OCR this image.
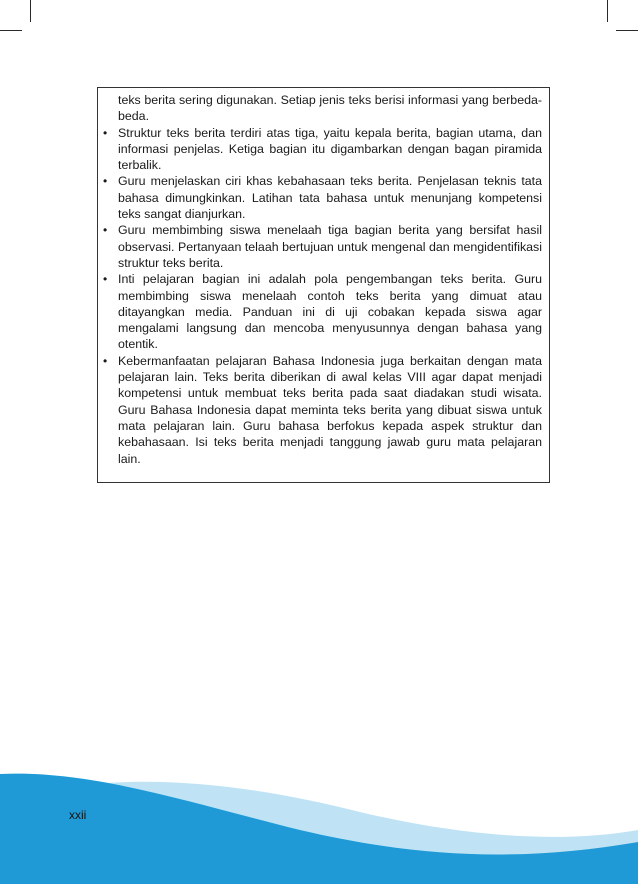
teks berita sering digunakan. Setiap jenis teks berisi informasi yang berbeda-beda.
• Struktur teks berita terdiri atas tiga, yaitu kepala berita, bagian utama, dan informasi penjelas. Ketiga bagian itu digambarkan dengan bagan piramida terbalik.
• Guru menjelaskan ciri khas kebahasaan teks berita. Penjelasan teknis tata bahasa dimungkinkan. Latihan tata bahasa untuk menunjang kompetensi teks sangat dianjurkan.
• Guru membimbing siswa menelaah tiga bagian berita yang bersifat hasil observasi. Pertanyaan telaah bertujuan untuk mengenal dan mengidentifikasi struktur teks berita.
• Inti pelajaran bagian ini adalah pola pengembangan teks berita. Guru membimbing siswa menelaah contoh teks berita yang dimuat atau ditayangkan media. Panduan ini di uji cobakan kepada siswa agar mengalami langsung dan mencoba menyusunnya dengan bahasa yang otentik.
• Kebermanfaatan pelajaran Bahasa Indonesia juga berkaitan dengan mata pelajaran lain. Teks berita diberikan di awal kelas VIII agar dapat menjadi kompetensi untuk membuat teks berita pada saat diadakan studi wisata. Guru Bahasa Indonesia dapat meminta teks berita yang dibuat siswa untuk mata pelajaran lain. Guru bahasa berfokus kepada aspek struktur dan kebahasaan. Isi teks berita menjadi tanggung jawab guru mata pelajaran lain.
xxii
